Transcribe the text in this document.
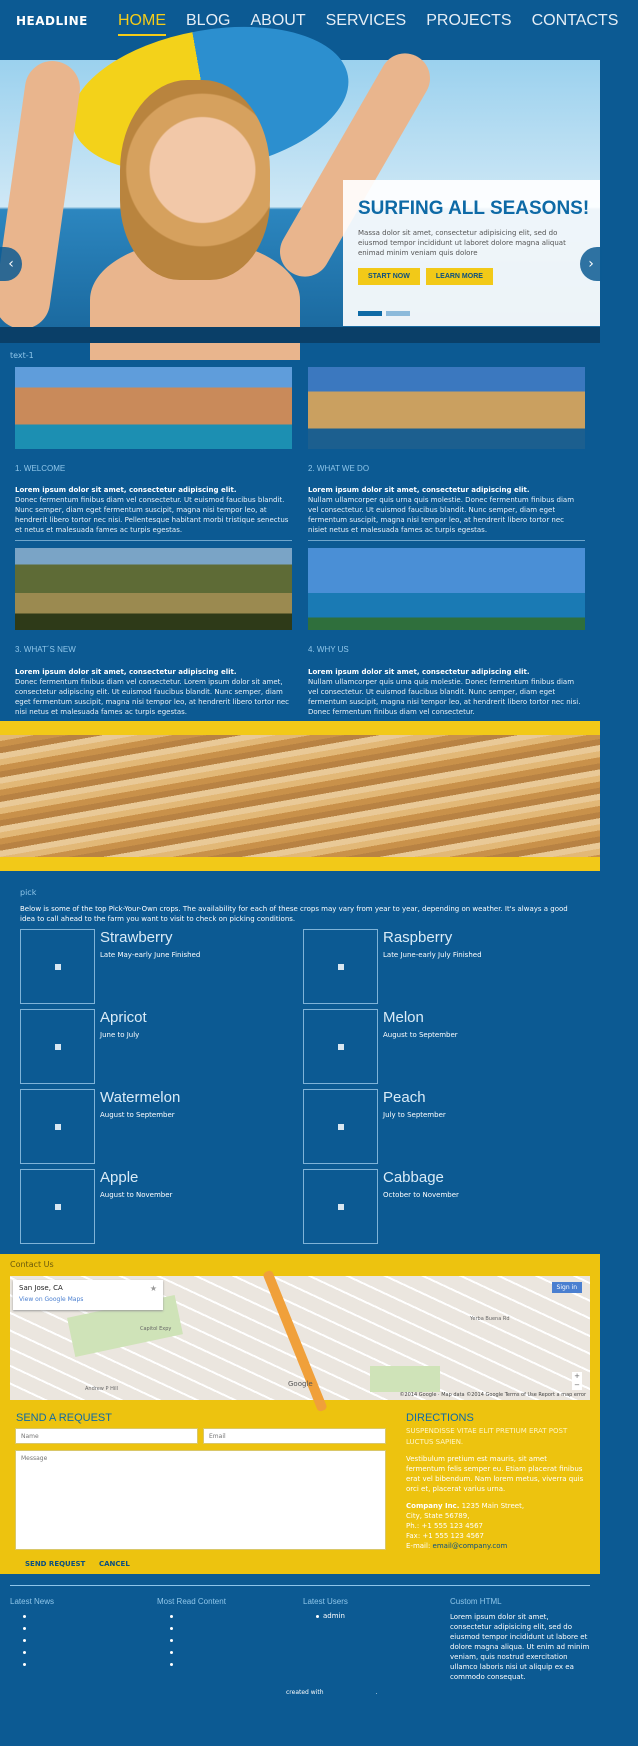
HEADLINE HOME BLOG ABOUT SERVICES PROJECTS CONTACTS
SURFING ALL SEASONS!
Massa dolor sit amet, consectetur adipisicing elit, sed do eiusmod tempor incididunt ut laboret dolore magna aliquat enimad minim veniam quis dolore
START NOW	LEARN MORE
‹	›
text-1
1. WELCOME	2. WHAT WE DO
Lorem ipsum dolor sit amet, consectetur adipiscing elit.
Donec fermentum finibus diam vel consectetur. Ut euismod faucibus blandit. Nunc semper, diam eget fermentum suscipit, magna nisi tempor leo, at hendrerit libero tortor nec nisi. Pellentesque habitant morbi tristique senectus et netus et malesuada fames ac turpis egestas.
Lorem ipsum dolor sit amet, consectetur adipiscing elit.
Nullam ullamcorper quis urna quis molestie. Donec fermentum finibus diam vel consectetur. Ut euismod faucibus blandit. Nunc semper, diam eget fermentum suscipit, magna nisi tempor leo, at hendrerit libero tortor nec nisiet netus et malesuada fames ac turpis egestas.
3. WHAT´S NEW	4. WHY US
Lorem ipsum dolor sit amet, consectetur adipiscing elit.
Donec fermentum finibus diam vel consectetur. Lorem ipsum dolor sit amet, consectetur adipiscing elit. Ut euismod faucibus blandit. Nunc semper, diam eget fermentum suscipit, magna nisi tempor leo, at hendrerit libero tortor nec nisi netus et malesuada fames ac turpis egestas.
Lorem ipsum dolor sit amet, consectetur adipiscing elit.
Nullam ullamcorper quis urna quis molestie. Donec fermentum finibus diam vel consectetur. Ut euismod faucibus blandit. Nunc semper, diam eget fermentum suscipit, magna nisi tempor leo, at hendrerit libero tortor nec nisi. Donec fermentum finibus diam vel consectetur.
pick
Below is some of the top Pick-Your-Own crops. The availability for each of these crops may vary from year to year, depending on weather. It's always a good idea to call ahead to the farm you want to visit to check on picking conditions.
Strawberry
Late May-early June Finished
Raspberry
Late June-early July Finished
Apricot
June to July
Melon
August to September
Watermelon
August to September
Peach
July to September
Apple
August to November
Cabbage
October to November
Contact Us
Capitol Expy
Andrew P Hill
Yerba Buena Rd
Google
San Jose, CA
View on Google Maps
★	Sign in
+
−
©2014 Google · Map data ©2014 Google Terms of Use Report a map error
SEND A REQUEST
Name
Email
Message
SEND REQUEST CANCEL
DIRECTIONS
SUSPENDISSE VITAE ELIT PRETIUM ERAT POST LUCTUS SAPIEN.
Vestibulum pretium est mauris, sit amet fermentum felis semper eu. Etiam placerat finibus erat vel bibendum. Nam lorem metus, viverra quis orci et, placerat varius urna.
Company Inc. 1235 Main Street,
City, State 56789,
Ph.: +1 555 123 4567
Fax: +1 555 123 4567
E-mail: email@company.com
Latest News	Most Read Content	Latest Users	Custom HTML
admin	Lorem ipsum dolor sit amet, consectetur adipisicing elit, sed do eiusmod tempor incididunt ut labore et dolore magna aliqua. Ut enim ad minim veniam, quis nostrud exercitation ullamco laboris nisi ut aliquip ex ea commodo consequat.
created with	.
